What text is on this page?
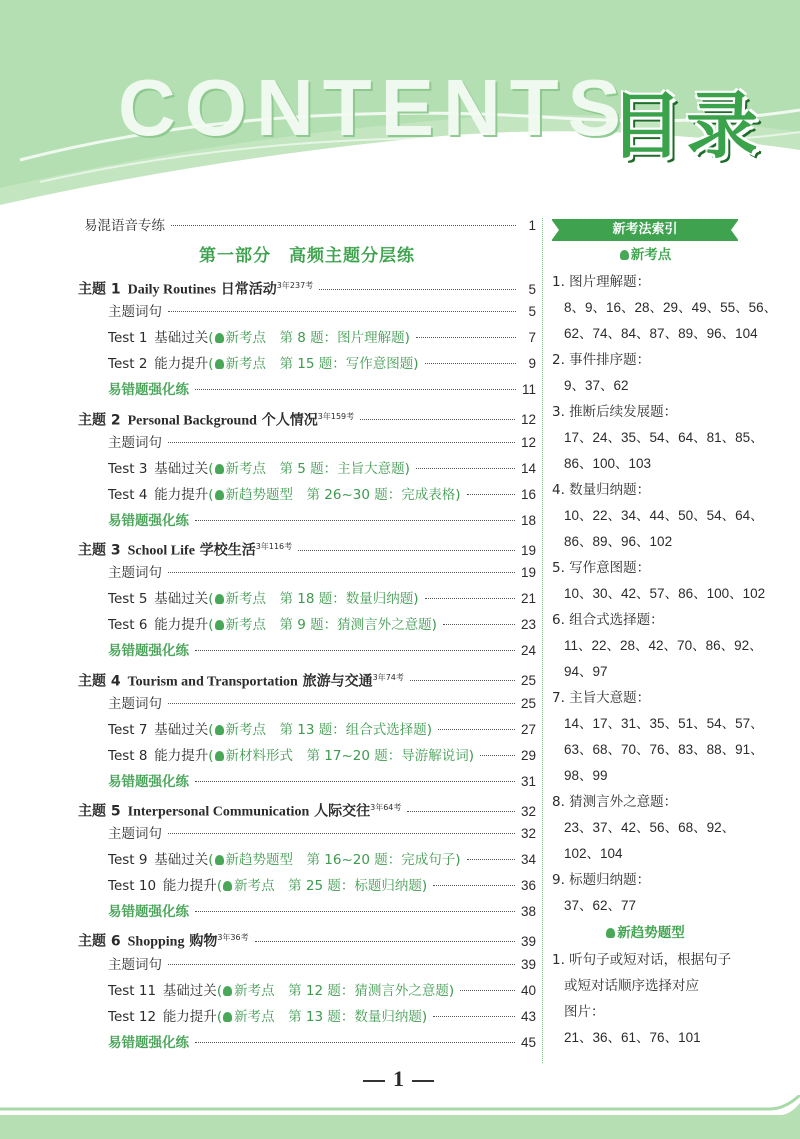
CONTENTS
目录
易混语音专练	1
第一部分　高频主题分层练
主题 1  Daily Routines 日常活动$^{3年237考}$	5
主题词句	5
Test 1  基础过关( 新考点  第 8 题：图片理解题)	7
Test 2  能力提升( 新考点  第 15 题：写作意图题)	9
易错题强化练	11
主题 2  Personal Background 个人情况$^{3年159考}$	12
主题词句	12
Test 3  基础过关( 新考点  第 5 题：主旨大意题)	14
Test 4  能力提升( 新趋势题型  第 26~30 题：完成表格)	16
易错题强化练	18
主题 3  School Life 学校生活$^{3年116考}$	19
主题词句	19
Test 5  基础过关( 新考点  第 18 题：数量归纳题)	21
Test 6  能力提升( 新考点  第 9 题：猜测言外之意题)	23
易错题强化练	24
主题 4  Tourism and Transportation 旅游与交通$^{3年74考}$	25
主题词句	25
Test 7  基础过关( 新考点  第 13 题：组合式选择题)	27
Test 8  能力提升( 新材料形式  第 17~20 题：导游解说词)	29
易错题强化练	31
主题 5  Interpersonal Communication 人际交往$^{3年64考}$	32
主题词句	32
Test 9  基础过关( 新趋势题型  第 16~20 题：完成句子)	34
Test 10  能力提升( 新考点  第 25 题：标题归纳题)	36
易错题强化练	38
主题 6  Shopping 购物$^{3年36考}$	39
主题词句	39
Test 11  基础过关( 新考点  第 12 题：猜测言外之意题)	40
Test 12  能力提升( 新考点  第 13 题：数量归纳题)	43
易错题强化练	45
新考法索引
新考点
1. 图片理解题：
8、9、16、28、29、49、55、56、
62、74、84、87、89、96、104
2. 事件排序题：
9、37、62
3. 推断后续发展题：
17、24、35、54、64、81、85、
86、100、103
4. 数量归纳题：
10、22、34、44、50、54、64、
86、89、96、102
5. 写作意图题：
10、30、42、57、86、100、102
6. 组合式选择题：
11、22、28、42、70、86、92、
94、97
7. 主旨大意题：
14、17、31、35、51、54、57、
63、68、70、76、83、88、91、
98、99
8. 猜测言外之意题：
23、37、42、56、68、92、
102、104
9. 标题归纳题：
37、62、77
新趋势题型
1. 听句子或短对话，根据句子
或短对话顺序选择对应
图片：
21、36、61、76、101
1
